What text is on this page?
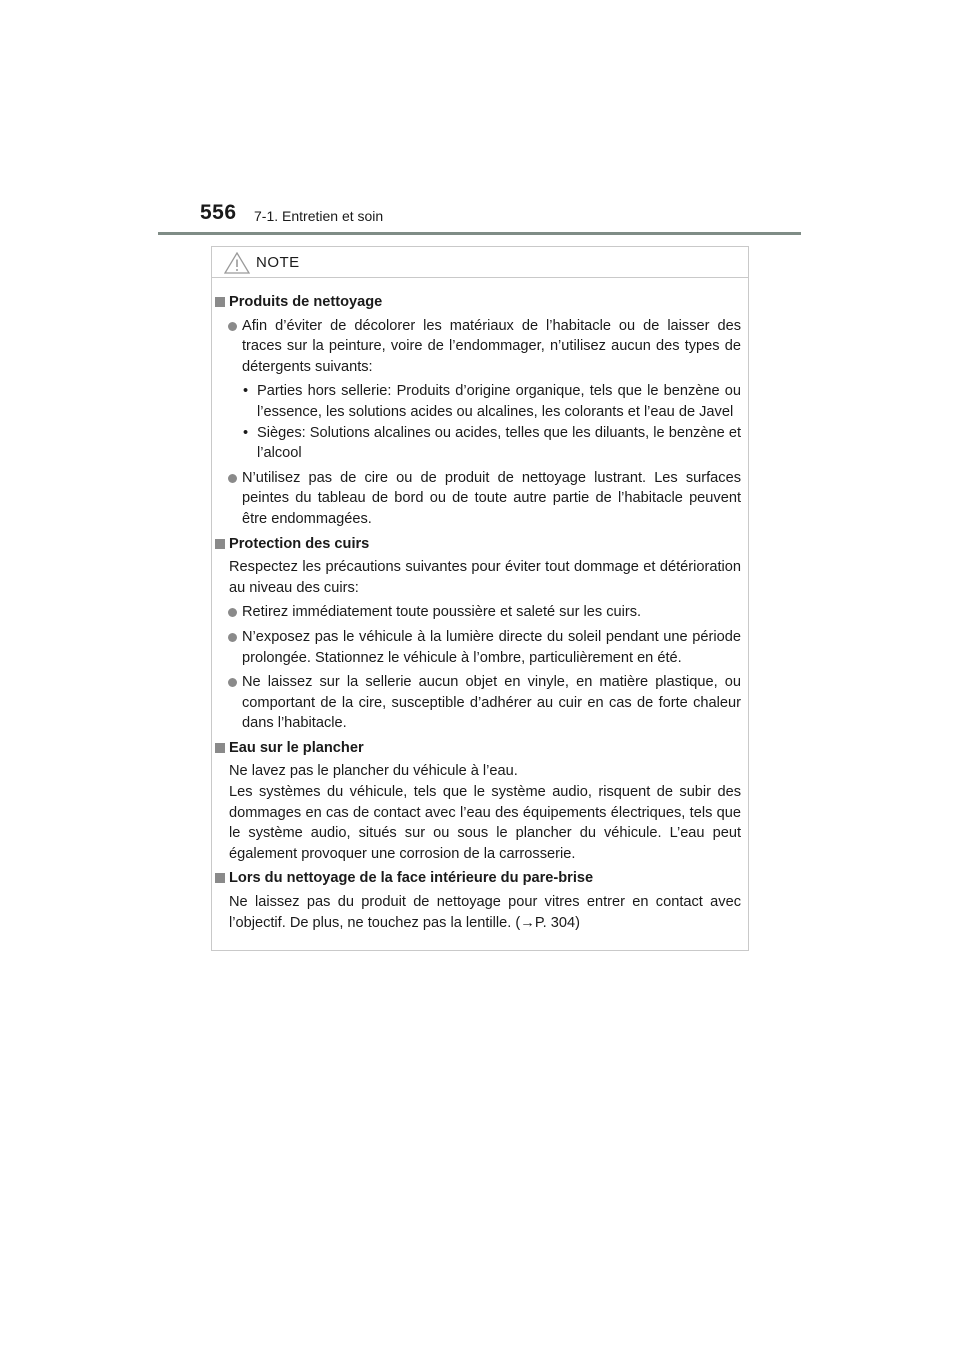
556 7-1. Entretien et soin
NOTE
Produits de nettoyage
Afin d’éviter de décolorer les matériaux de l’habitacle ou de laisser des traces sur la peinture, voire de l’endommager, n’utilisez aucun des types de détergents suivants:
• Parties hors sellerie: Produits d’origine organique, tels que le benzène ou l’essence, les solutions acides ou alcalines, les colorants et l’eau de Javel
• Sièges: Solutions alcalines ou acides, telles que les diluants, le benzène et l’alcool
N’utilisez pas de cire ou de produit de nettoyage lustrant. Les surfaces peintes du tableau de bord ou de toute autre partie de l’habitacle peuvent être endommagées.
Protection des cuirs
Respectez les précautions suivantes pour éviter tout dommage et détérioration au niveau des cuirs:
Retirez immédiatement toute poussière et saleté sur les cuirs.
N’exposez pas le véhicule à la lumière directe du soleil pendant une période prolongée. Stationnez le véhicule à l’ombre, particulièrement en été.
Ne laissez sur la sellerie aucun objet en vinyle, en matière plastique, ou comportant de la cire, susceptible d’adhérer au cuir en cas de forte chaleur dans l’habitacle.
Eau sur le plancher
Ne lavez pas le plancher du véhicule à l’eau.
Les systèmes du véhicule, tels que le système audio, risquent de subir des dommages en cas de contact avec l’eau des équipements électriques, tels que le système audio, situés sur ou sous le plancher du véhicule. L’eau peut également provoquer une corrosion de la carrosserie.
Lors du nettoyage de la face intérieure du pare-brise
Ne laissez pas du produit de nettoyage pour vitres entrer en contact avec l’objectif. De plus, ne touchez pas la lentille. (→P. 304)
